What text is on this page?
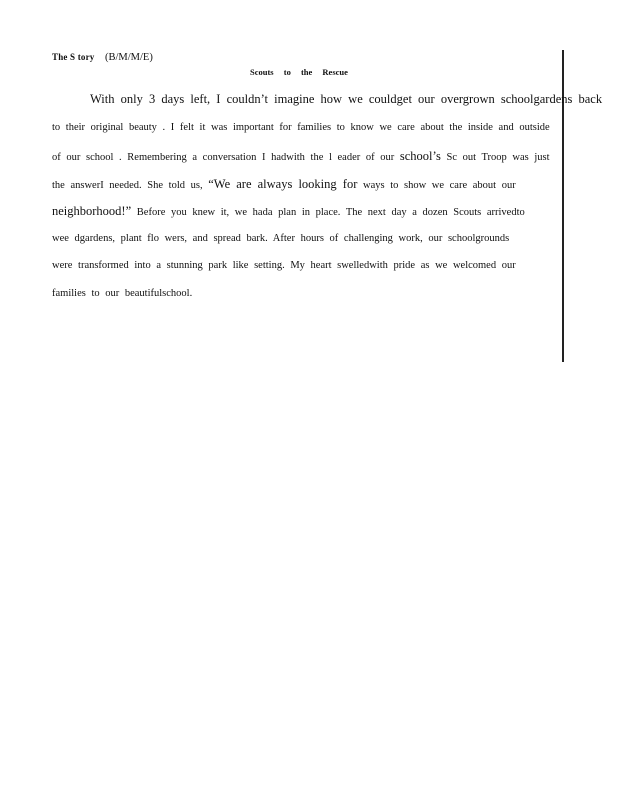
The S tory (B/M/M/E)
Scouts to the Rescue
With only 3 days left, I couldn’t imagine how we couldget our overgrown schoolgardens back
to their original beauty . I felt it was important for families to know we care about the inside and outside
of our school . Remembering a conversation I hadwith the l eader of our school’s Sc out Troop was just
the answerI needed. She told us, “We are always looking for ways to show we care about our
neighborhood!” Before you knew it, we hada plan in place. The next day a dozen Scouts arrivedto
wee dgardens, plant flo wers, and spread bark. After hours of challenging work, our schoolgrounds
were transformed into a stunning park like setting. My heart swelledwith pride as we welcomed our
families to our beautifulschool.
